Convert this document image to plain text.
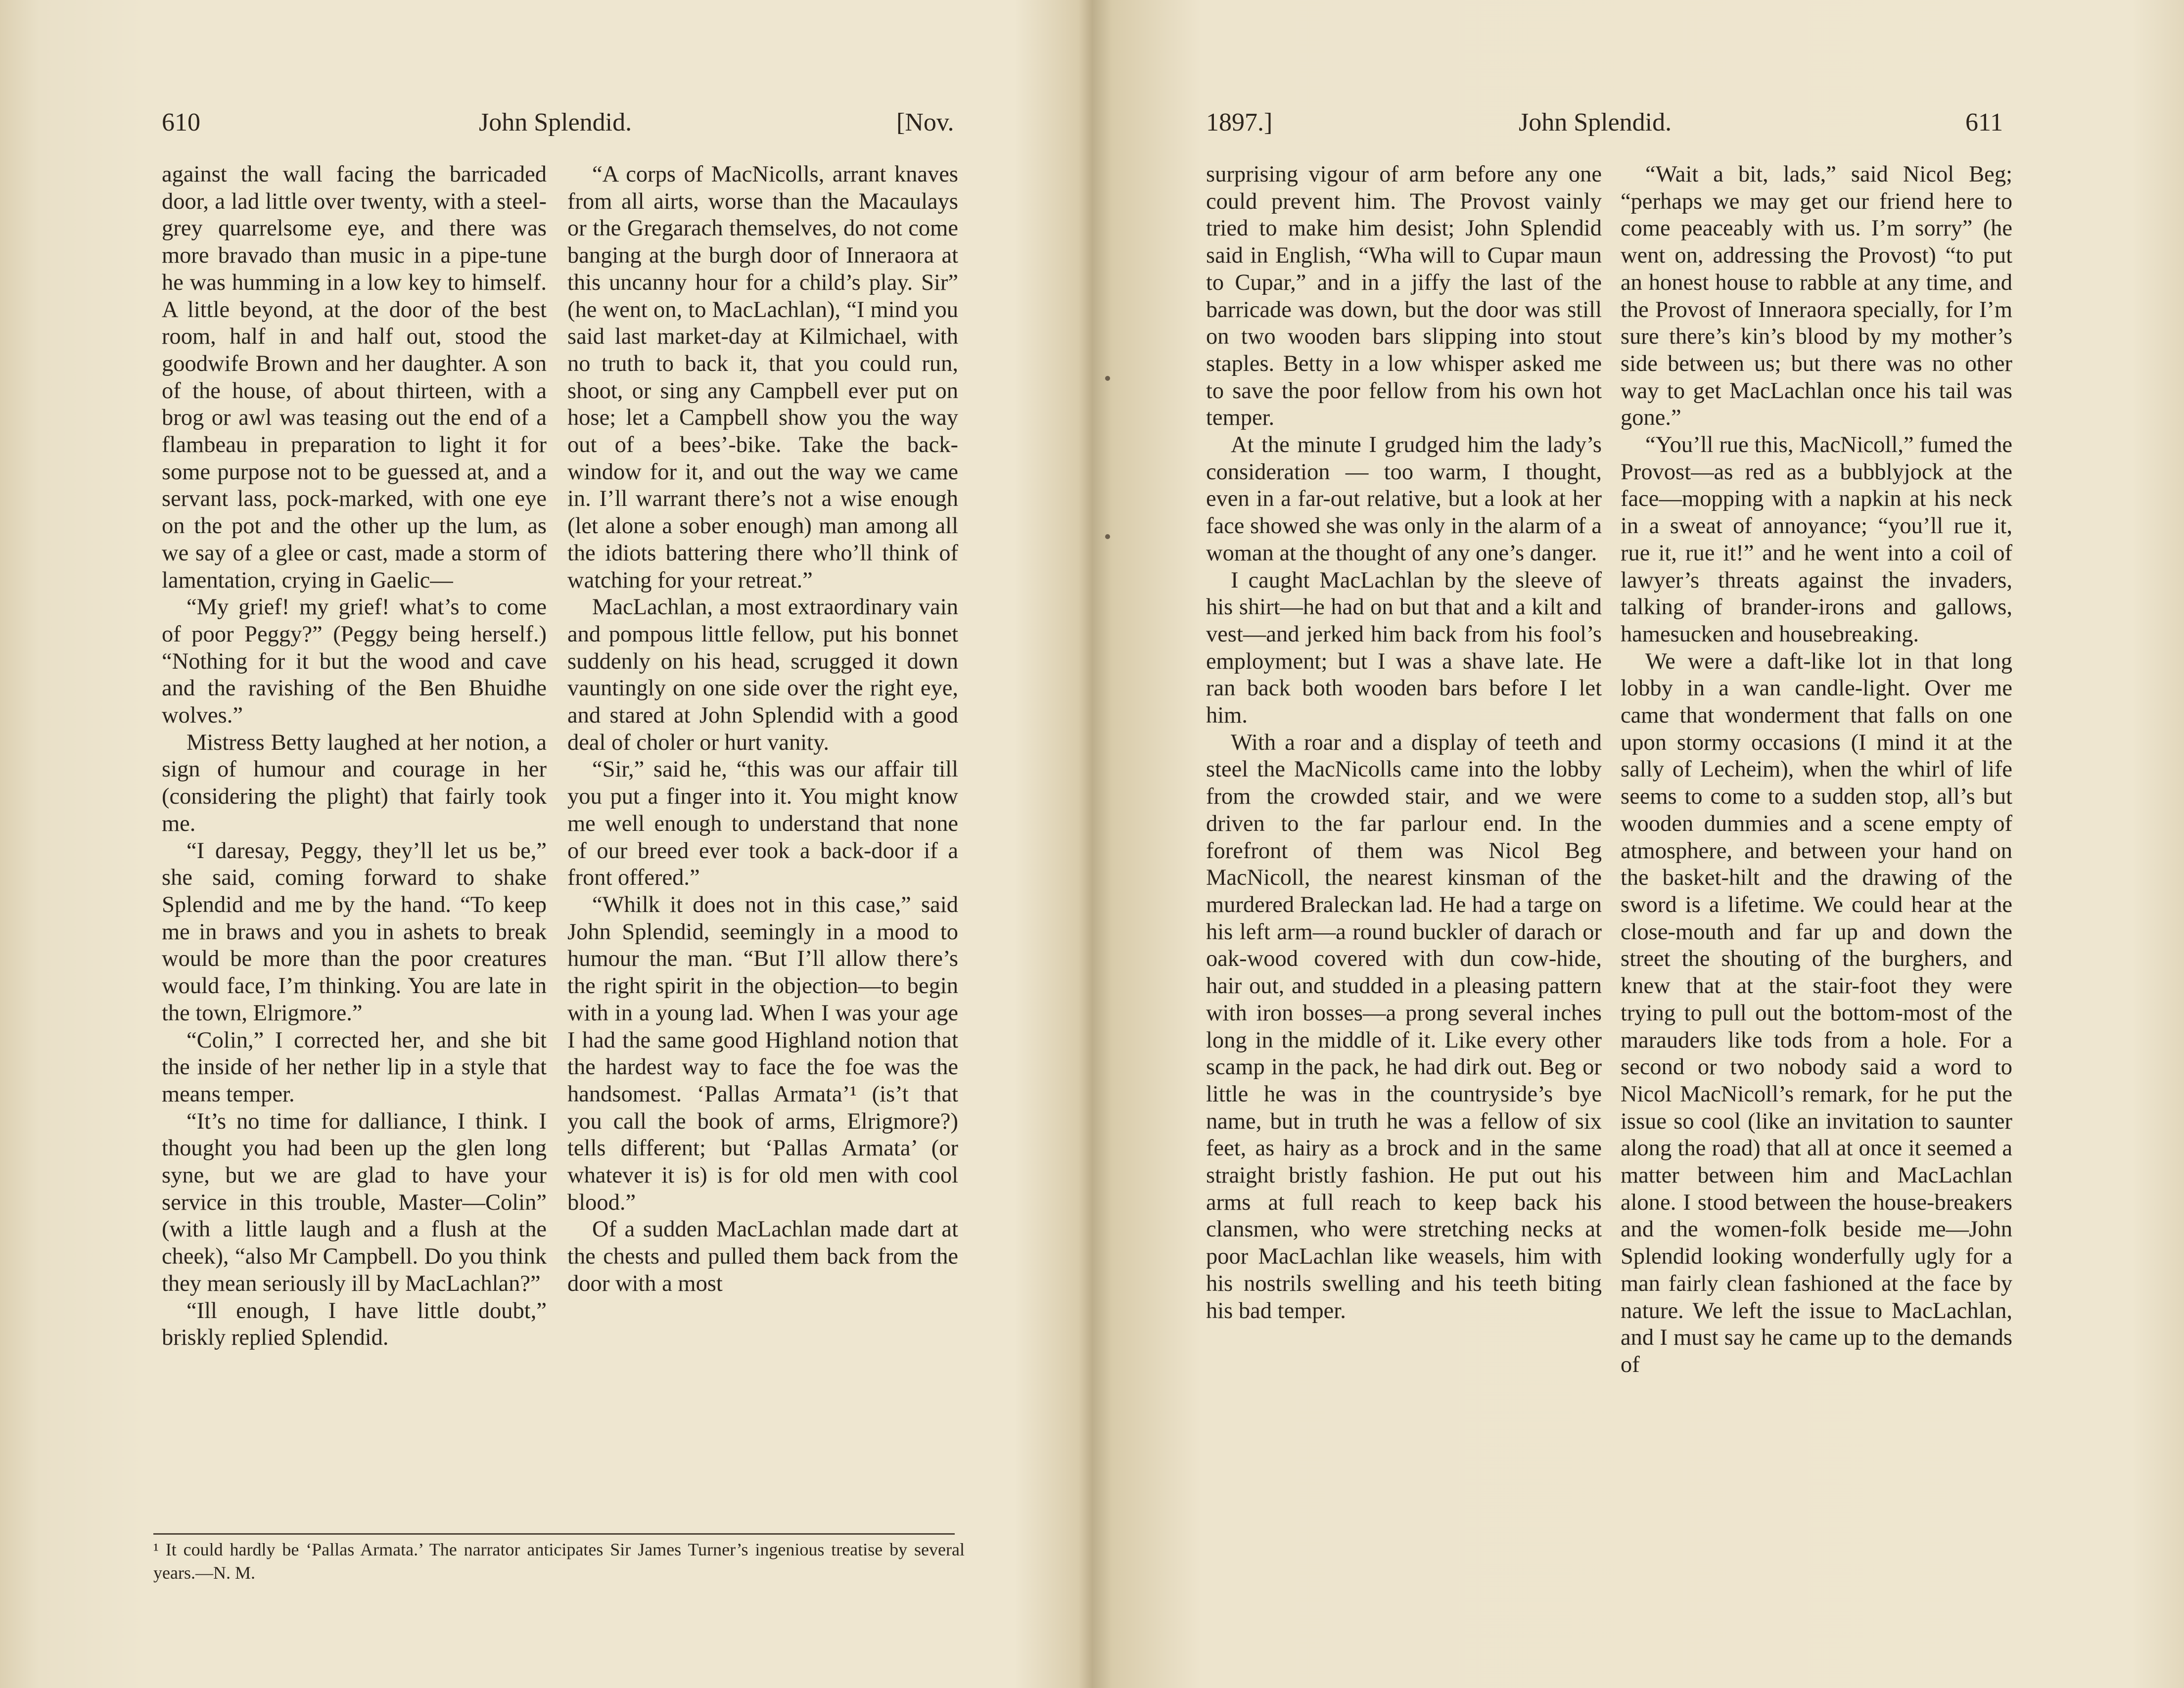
610	John Splendid.	[Nov.

against the wall facing the barricaded door, a lad little over twenty, with a steel-grey quarrelsome eye, and there was more bravado than music in a pipe-tune he was humming in a low key to himself. A little beyond, at the door of the best room, half in and half out, stood the goodwife Brown and her daughter. A son of the house, of about thirteen, with a brog or awl was teasing out the end of a flambeau in preparation to light it for some purpose not to be guessed at, and a servant lass, pock-marked, with one eye on the pot and the other up the lum, as we say of a glee or cast, made a storm of lamentation, crying in Gaelic—

“My grief! my grief! what’s to come of poor Peggy?” (Peggy being herself.) “Nothing for it but the wood and cave and the ravishing of the Ben Bhuidhe wolves.”

Mistress Betty laughed at her notion, a sign of humour and courage in her (considering the plight) that fairly took me.

“I daresay, Peggy, they’ll let us be,” she said, coming forward to shake Splendid and me by the hand. “To keep me in braws and you in ashets to break would be more than the poor creatures would face, I’m thinking. You are late in the town, Elrigmore.”

“Colin,” I corrected her, and she bit the inside of her nether lip in a style that means temper.

“It’s no time for dalliance, I think. I thought you had been up the glen long syne, but we are glad to have your service in this trouble, Master—Colin” (with a little laugh and a flush at the cheek), “also Mr Campbell. Do you think they mean seriously ill by MacLachlan?”

“Ill enough, I have little doubt,” briskly replied Splendid.

“A corps of MacNicolls, arrant knaves from all airts, worse than the Macaulays or the Gregarach themselves, do not come banging at the burgh door of Inneraora at this uncanny hour for a child’s play. Sir” (he went on, to MacLachlan), “I mind you said last market-day at Kilmichael, with no truth to back it, that you could run, shoot, or sing any Campbell ever put on hose; let a Campbell show you the way out of a bees’-bike. Take the back-window for it, and out the way we came in. I’ll warrant there’s not a wise enough (let alone a sober enough) man among all the idiots battering there who’ll think of watching for your retreat.”

MacLachlan, a most extraordinary vain and pompous little fellow, put his bonnet suddenly on his head, scrugged it down vauntingly on one side over the right eye, and stared at John Splendid with a good deal of choler or hurt vanity.

“Sir,” said he, “this was our affair till you put a finger into it. You might know me well enough to understand that none of our breed ever took a back-door if a front offered.”

“Whilk it does not in this case,” said John Splendid, seemingly in a mood to humour the man. “But I’ll allow there’s the right spirit in the objection—to begin with in a young lad. When I was your age I had the same good Highland notion that the hardest way to face the foe was the handsomest. ‘Pallas Armata’¹ (is’t that you call the book of arms, Elrigmore?) tells different; but ‘Pallas Armata’ (or whatever it is) is for old men with cool blood.”

Of a sudden MacLachlan made dart at the chests and pulled them back from the door with a most

¹ It could hardly be ‘Pallas Armata.’ The narrator anticipates Sir James Turner’s ingenious treatise by several years.—N. M.

1897.]	John Splendid.	611

surprising vigour of arm before any one could prevent him. The Provost vainly tried to make him desist; John Splendid said in English, “Wha will to Cupar maun to Cupar,” and in a jiffy the last of the barricade was down, but the door was still on two wooden bars slipping into stout staples. Betty in a low whisper asked me to save the poor fellow from his own hot temper.

At the minute I grudged him the lady’s consideration — too warm, I thought, even in a far-out relative, but a look at her face showed she was only in the alarm of a woman at the thought of any one’s danger.

I caught MacLachlan by the sleeve of his shirt—he had on but that and a kilt and vest—and jerked him back from his fool’s employment; but I was a shave late. He ran back both wooden bars before I let him.

With a roar and a display of teeth and steel the MacNicolls came into the lobby from the crowded stair, and we were driven to the far parlour end. In the forefront of them was Nicol Beg MacNicoll, the nearest kinsman of the murdered Braleckan lad. He had a targe on his left arm—a round buckler of darach or oak-wood covered with dun cow-hide, hair out, and studded in a pleasing pattern with iron bosses—a prong several inches long in the middle of it. Like every other scamp in the pack, he had dirk out. Beg or little he was in the countryside’s bye name, but in truth he was a fellow of six feet, as hairy as a brock and in the same straight bristly fashion. He put out his arms at full reach to keep back his clansmen, who were stretching necks at poor MacLachlan like weasels, him with his nostrils swelling and his teeth biting his bad temper.

“Wait a bit, lads,” said Nicol Beg; “perhaps we may get our friend here to come peaceably with us. I’m sorry” (he went on, addressing the Provost) “to put an honest house to rabble at any time, and the Provost of Inneraora specially, for I’m sure there’s kin’s blood by my mother’s side between us; but there was no other way to get MacLachlan once his tail was gone.”

“You’ll rue this, MacNicoll,” fumed the Provost—as red as a bubblyjock at the face—mopping with a napkin at his neck in a sweat of annoyance; “you’ll rue it, rue it, rue it!” and he went into a coil of lawyer’s threats against the invaders, talking of brander-irons and gallows, hamesucken and housebreaking.

We were a daft-like lot in that long lobby in a wan candle-light. Over me came that wonderment that falls on one upon stormy occasions (I mind it at the sally of Lecheim), when the whirl of life seems to come to a sudden stop, all’s but wooden dummies and a scene empty of atmosphere, and between your hand on the basket-hilt and the drawing of the sword is a lifetime. We could hear at the close-mouth and far up and down the street the shouting of the burghers, and knew that at the stair-foot they were trying to pull out the bottom-most of the marauders like tods from a hole. For a second or two nobody said a word to Nicol MacNicoll’s remark, for he put the issue so cool (like an invitation to saunter along the road) that all at once it seemed a matter between him and MacLachlan alone. I stood between the house-breakers and the women-folk beside me—John Splendid looking wonderfully ugly for a man fairly clean fashioned at the face by nature. We left the issue to MacLachlan, and I must say he came up to the demands of
